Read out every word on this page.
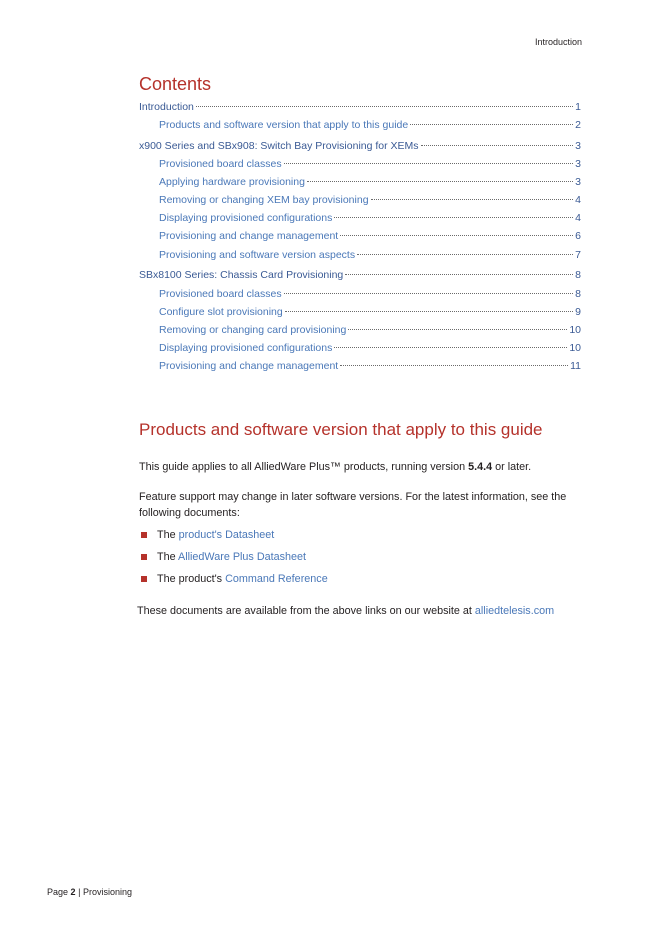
Introduction
Contents
Introduction	1
Products and software version that apply to this guide	2
x900 Series and SBx908: Switch Bay Provisioning for XEMs	3
Provisioned board classes	3
Applying hardware provisioning	3
Removing or changing XEM bay provisioning	4
Displaying provisioned configurations	4
Provisioning and change management	6
Provisioning and software version aspects	7
SBx8100 Series: Chassis Card Provisioning	8
Provisioned board classes	8
Configure slot provisioning	9
Removing or changing card provisioning	10
Displaying provisioned configurations	10
Provisioning and change management	11
Products and software version that apply to this guide

This guide applies to all AlliedWare Plus™ products, running version 5.4.4 or later.

Feature support may change in later software versions. For the latest information, see the following documents:

The product's Datasheet
The AlliedWare Plus Datasheet
The product's Command Reference

These documents are available from the above links on our website at alliedtelesis.com

Page 2 | Provisioning
